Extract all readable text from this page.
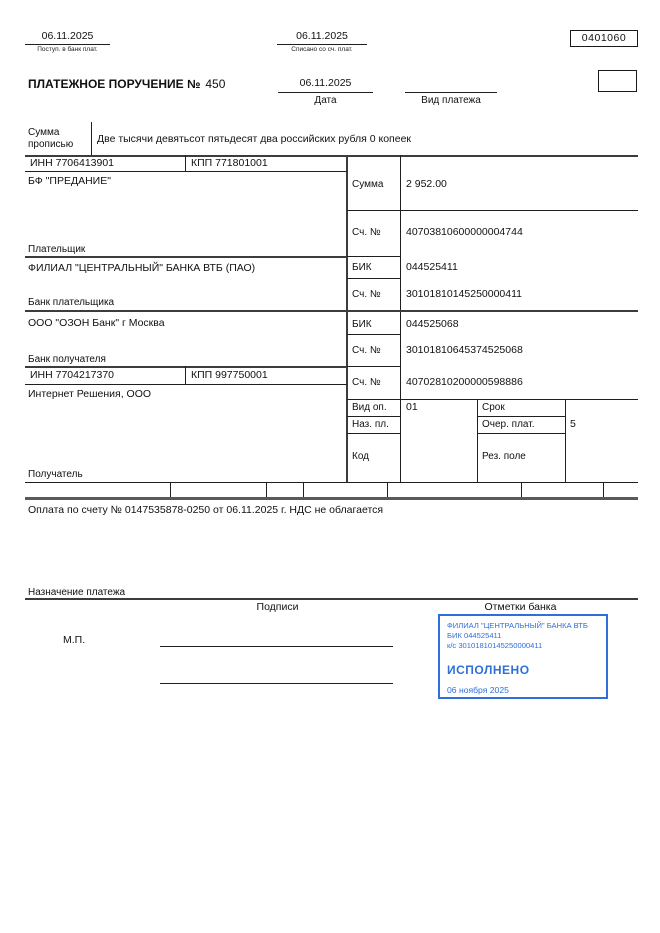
06.11.2025
Поступ. в банк плат.
06.11.2025
Списано со сч. плат.
0401060
ПЛАТЕЖНОЕ ПОРУЧЕНИЕ № 450	06.11.2025
Дата	Вид платежа
Сумма
прописью Две тысячи девятьсот пятьдесят два российских рубля 0 копеек
ИНН 7706413901	КПП 771801001
БФ "ПРЕДАНИЕ"
Плательщик
Сумма 2 952.00
Сч. № 40703810600000004744
ФИЛИАЛ "ЦЕНТРАЛЬНЫЙ" БАНКА ВТБ (ПАО)
Банк плательщика
БИК	044525411
Сч. № 30101810145250000411
ООО "ОЗОН Банк" г Москва
Банк получателя
БИК	044525068
Сч. № 30101810645374525068
ИНН 7704217370	КПП 997750001
Интернет Решения, ООО
Получатель
Сч. № 40702810200000598886
Вид оп. 01	Срок
Наз. пл.	Очер. плат.	5
Код	Рез. поле
Оплата по счету № 0147535878-0250 от 06.11.2025 г. НДС не облагается
Назначение платежа
Подписи	Отметки банка
М.П.
ФИЛИАЛ "ЦЕНТРАЛЬНЫЙ" БАНКА ВТБ
БИК 044525411
к/с 30101810145250000411
ИСПОЛНЕНО
06 ноября 2025
